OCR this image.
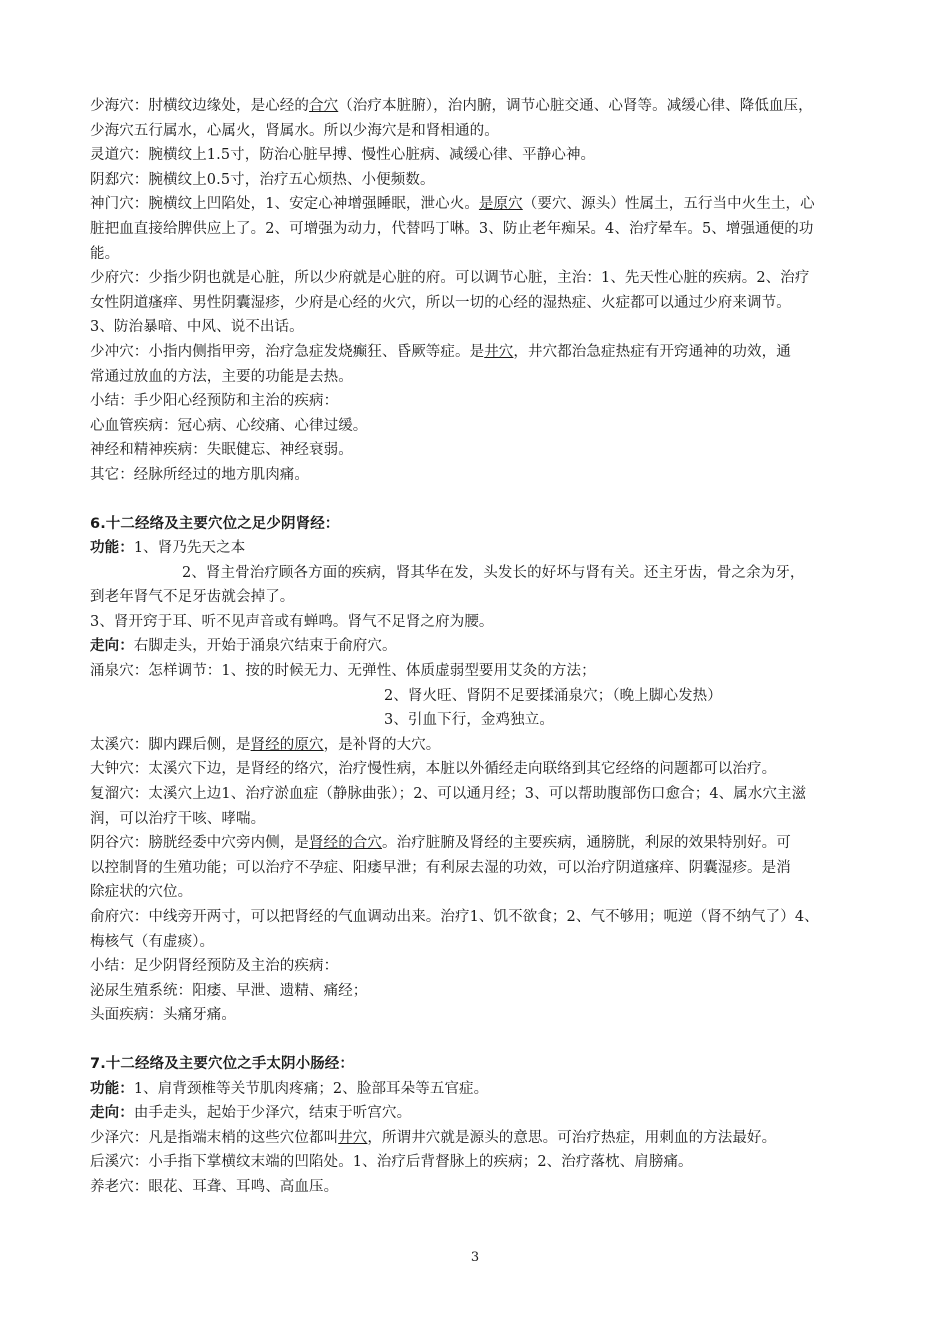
少海穴：肘横纹边缘处，是心经的合穴（治疗本脏腑），治内腑，调节心脏交通、心肾等。减缓心律、降低血压，
少海穴五行属水，心属火，肾属水。所以少海穴是和肾相通的。
灵道穴：腕横纹上1.5寸，防治心脏早搏、慢性心脏病、减缓心律、平静心神。
阴郄穴：腕横纹上0.5寸，治疗五心烦热、小便频数。
神门穴：腕横纹上凹陷处，1、安定心神增强睡眠，泄心火。是原穴（要穴、源头）性属土，五行当中火生土，心
脏把血直接给脾供应上了。2、可增强为动力，代替吗丁啉。3、防止老年痴呆。4、治疗晕车。5、增强通便的功
能。
少府穴：少指少阴也就是心脏，所以少府就是心脏的府。可以调节心脏，主治：1、先天性心脏的疾病。2、治疗
女性阴道瘙痒、男性阴囊湿疹，少府是心经的火穴，所以一切的心经的湿热症、火症都可以通过少府来调节。
3、防治暴喑、中风、说不出话。
少冲穴：小指内侧指甲旁，治疗急症发烧癫狂、昏厥等症。是井穴，井穴都治急症热症有开窍通神的功效，通
常通过放血的方法，主要的功能是去热。
小结：手少阳心经预防和主治的疾病：
心血管疾病：冠心病、心绞痛、心律过缓。
神经和精神疾病：失眠健忘、神经衰弱。
其它：经脉所经过的地方肌肉痛。
6.十二经络及主要穴位之足少阴肾经：
功能：1、肾乃先天之本
2、肾主骨治疗顾各方面的疾病，肾其华在发，头发长的好坏与肾有关。还主牙齿，骨之余为牙，
到老年肾气不足牙齿就会掉了。
3、肾开窍于耳、听不见声音或有蝉鸣。肾气不足肾之府为腰。
走向：右脚走头，开始于涌泉穴结束于俞府穴。
涌泉穴：怎样调节：1、按的时候无力、无弹性、体质虚弱型要用艾灸的方法；
2、肾火旺、肾阴不足要揉涌泉穴；（晚上脚心发热）
3、引血下行，金鸡独立。
太溪穴：脚内踝后侧，是肾经的原穴，是补肾的大穴。
大钟穴：太溪穴下边，是肾经的络穴，治疗慢性病，本脏以外循经走向联络到其它经络的问题都可以治疗。
复溜穴：太溪穴上边1、治疗淤血症（静脉曲张）；2、可以通月经；3、可以帮助腹部伤口愈合；4、属水穴主滋
润，可以治疗干咳、哮喘。
阴谷穴：膀胱经委中穴旁内侧，是肾经的合穴。治疗脏腑及肾经的主要疾病，通膀胱，利尿的效果特别好。可
以控制肾的生殖功能；可以治疗不孕症、阳痿早泄；有利尿去湿的功效，可以治疗阴道瘙痒、阴囊湿疹。是消
除症状的穴位。
俞府穴：中线旁开两寸，可以把肾经的气血调动出来。治疗1、饥不欲食；2、气不够用；呃逆（肾不纳气了）4、
梅核气（有虚痰）。
小结：足少阴肾经预防及主治的疾病：
泌尿生殖系统：阳痿、早泄、遗精、痛经；
头面疾病：头痛牙痛。
7.十二经络及主要穴位之手太阴小肠经：
功能：1、肩背颈椎等关节肌肉疼痛；2、脸部耳朵等五官症。
走向：由手走头，起始于少泽穴，结束于听宫穴。
少泽穴：凡是指端末梢的这些穴位都叫井穴，所谓井穴就是源头的意思。可治疗热症，用刺血的方法最好。
后溪穴：小手指下掌横纹末端的凹陷处。1、治疗后背督脉上的疾病；2、治疗落枕、肩膀痛。
养老穴：眼花、耳聋、耳鸣、高血压。
3
